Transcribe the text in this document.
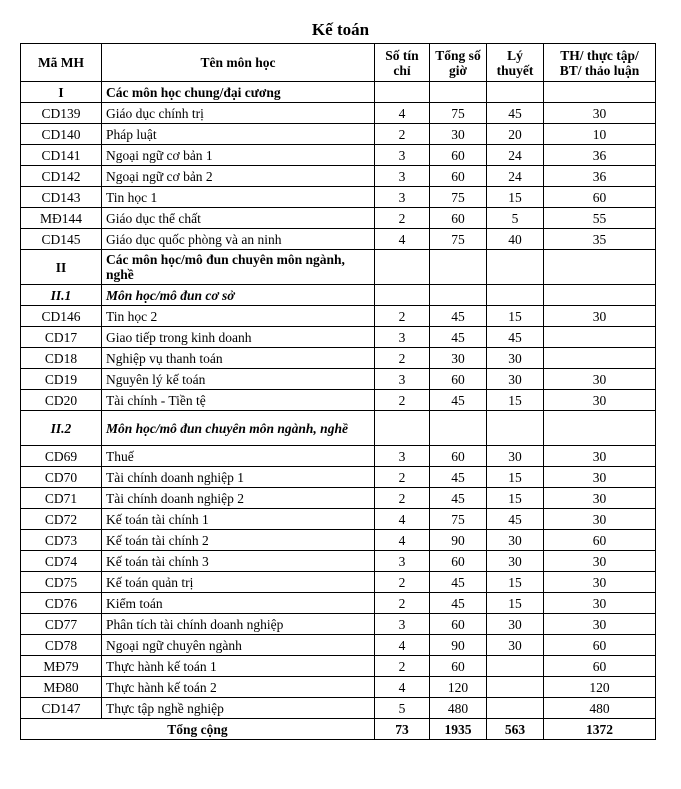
Kế toán
Mã MH	Tên môn học	Số tín chỉ	Tổng số giờ	Lý thuyết	TH/ thực tập/ BT/ thảo luận
I	Các môn học chung/đại cương				
CD139	Giáo dục chính trị	4	75	45	30
CD140	Pháp luật	2	30	20	10
CD141	Ngoại ngữ cơ bản 1	3	60	24	36
CD142	Ngoại ngữ cơ bản 2	3	60	24	36
CD143	Tin học 1	3	75	15	60
MĐ144	Giáo dục thể chất	2	60	5	55
CD145	Giáo dục quốc phòng và an ninh	4	75	40	35
II	Các môn học/mô đun chuyên môn ngành, nghề				
II.1	Môn học/mô đun cơ sở				
CD146	Tin học 2	2	45	15	30
CD17	Giao tiếp trong kinh doanh	3	45	45	
CD18	Nghiệp vụ thanh toán	2	30	30	
CD19	Nguyên lý kế toán	3	60	30	30
CD20	Tài chính - Tiền tệ	2	45	15	30
II.2	Môn học/mô đun chuyên môn ngành, nghề				
CD69	Thuế	3	60	30	30
CD70	Tài chính doanh nghiệp 1	2	45	15	30
CD71	Tài chính doanh nghiệp 2	2	45	15	30
CD72	Kế toán tài chính 1	4	75	45	30
CD73	Kế toán tài chính 2	4	90	30	60
CD74	Kế toán tài chính 3	3	60	30	30
CD75	Kế toán quản trị	2	45	15	30
CD76	Kiểm toán	2	45	15	30
CD77	Phân tích tài chính doanh nghiệp	3	60	30	30
CD78	Ngoại ngữ chuyên ngành	4	90	30	60
MĐ79	Thực hành kế toán 1	2	60		60
MĐ80	Thực hành kế toán 2	4	120		120
CD147	Thực tập nghề nghiệp	5	480		480
Tổng cộng		73	1935	563	1372
